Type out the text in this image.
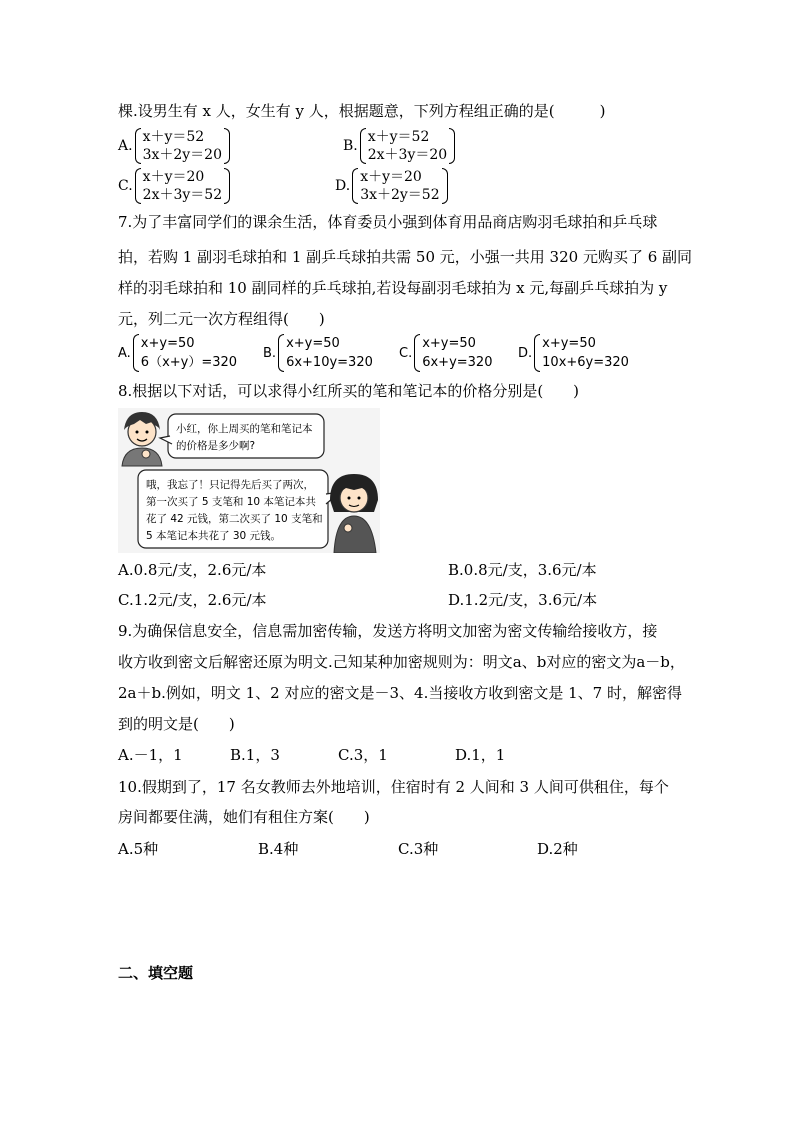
棵.设男生有 x 人，女生有 y 人，根据题意，下列方程组正确的是(　　　)
A.
x＋y＝52
3x＋2y＝20
B.
x＋y＝52
2x＋3y＝20
C.
x＋y＝20
2x＋3y＝52
D.
x＋y＝20
3x＋2y＝52
7.为了丰富同学们的课余生活，体育委员小强到体育用品商店购羽毛球拍和乒乓球
拍，若购 1 副羽毛球拍和 1 副乒乓球拍共需 50 元，小强一共用 320 元购买了 6 副同
样的羽毛球拍和 10 副同样的乒乓球拍,若设每副羽毛球拍为 x 元,每副乒乓球拍为 y
元，列二元一次方程组得(　　)
A.
x+y=50
6（x+y）=320
B.
x+y=50
6x+10y=320
C.
x+y=50
6x+y=320
D.
x+y=50
10x+6y=320
8.根据以下对话，可以求得小红所买的笔和笔记本的价格分别是(　　)
小红，你上周买的笔和笔记本
的价格是多少啊?
哦，我忘了！只记得先后买了两次，
第一次买了 5 支笔和 10 本笔记本共
花了 42 元钱，第二次买了 10 支笔和
5 本笔记本共花了 30 元钱。
A.0.8元/支，2.6元/本	B.0.8元/支，3.6元/本
C.1.2元/支，2.6元/本	D.1.2元/支，3.6元/本
9.为确保信息安全，信息需加密传输，发送方将明文加密为密文传输给接收方，接
收方收到密文后解密还原为明文.己知某种加密规则为：明文a、b对应的密文为a－b，
2a＋b.例如，明文 1、2 对应的密文是－3、4.当接收方收到密文是 1、7 时，解密得
到的明文是(　　)
A.－1，1	B.1，3	C.3，1	D.1，1
10.假期到了，17 名女教师去外地培训，住宿时有 2 人间和 3 人间可供租住，每个
房间都要住满，她们有租住方案(　　)
A.5种	B.4种	C.3种	D.2种
二、填空题
